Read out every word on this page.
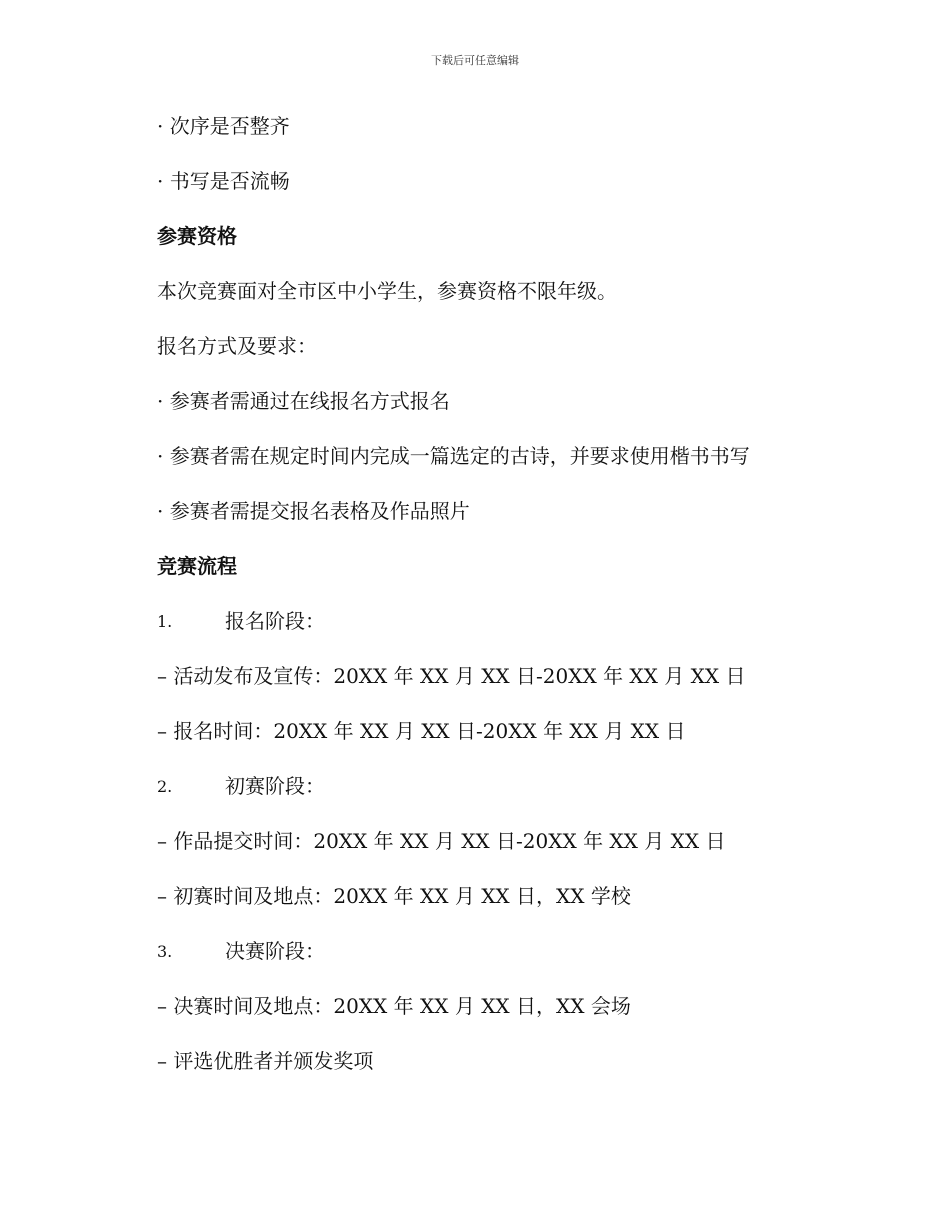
下载后可任意编辑
· 次序是否整齐
· 书写是否流畅
参赛资格
本次竞赛面对全市区中小学生，参赛资格不限年级。
报名方式及要求：
· 参赛者需通过在线报名方式报名
· 参赛者需在规定时间内完成一篇选定的古诗，并要求使用楷书书写
· 参赛者需提交报名表格及作品照片
竞赛流程
1.	报名阶段：
– 活动发布及宣传：20XX 年 XX 月 XX 日-20XX 年 XX 月 XX 日
– 报名时间：20XX 年 XX 月 XX 日-20XX 年 XX 月 XX 日
2.	初赛阶段：
– 作品提交时间：20XX 年 XX 月 XX 日-20XX 年 XX 月 XX 日
– 初赛时间及地点：20XX 年 XX 月 XX 日，XX 学校
3.	决赛阶段：
– 决赛时间及地点：20XX 年 XX 月 XX 日，XX 会场
– 评选优胜者并颁发奖项
